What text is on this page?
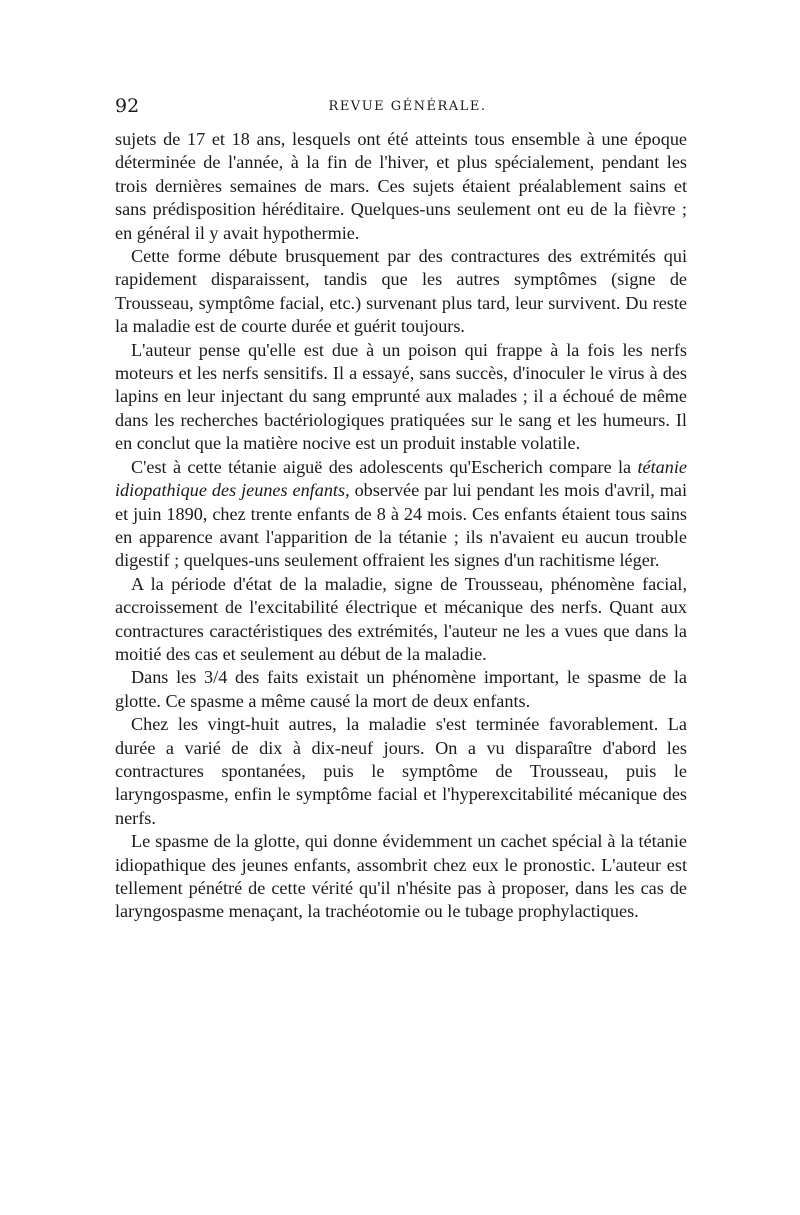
92	REVUE GÉNÉRALE.

sujets de 17 et 18 ans, lesquels ont été atteints tous ensemble à une époque déterminée de l'année, à la fin de l'hiver, et plus spécialement, pendant les trois dernières semaines de mars. Ces sujets étaient préalablement sains et sans prédisposition héréditaire. Quelques-uns seulement ont eu de la fièvre ; en général il y avait hypothermie.

Cette forme débute brusquement par des contractures des extrémités qui rapidement disparaissent, tandis que les autres symptômes (signe de Trousseau, symptôme facial, etc.) survenant plus tard, leur survivent. Du reste la maladie est de courte durée et guérit toujours.

L'auteur pense qu'elle est due à un poison qui frappe à la fois les nerfs moteurs et les nerfs sensitifs. Il a essayé, sans succès, d'inoculer le virus à des lapins en leur injectant du sang emprunté aux malades ; il a échoué de même dans les recherches bactériologiques pratiquées sur le sang et les humeurs. Il en conclut que la matière nocive est un produit instable volatile.

C'est à cette tétanie aiguë des adolescents qu'Escherich compare la tétanie idiopathique des jeunes enfants, observée par lui pendant les mois d'avril, mai et juin 1890, chez trente enfants de 8 à 24 mois. Ces enfants étaient tous sains en apparence avant l'apparition de la tétanie ; ils n'avaient eu aucun trouble digestif ; quelques-uns seulement offraient les signes d'un rachitisme léger.

A la période d'état de la maladie, signe de Trousseau, phénomène facial, accroissement de l'excitabilité électrique et mécanique des nerfs. Quant aux contractures caractéristiques des extrémités, l'auteur ne les a vues que dans la moitié des cas et seulement au début de la maladie.

Dans les 3/4 des faits existait un phénomène important, le spasme de la glotte. Ce spasme a même causé la mort de deux enfants.

Chez les vingt-huit autres, la maladie s'est terminée favorablement. La durée a varié de dix à dix-neuf jours. On a vu disparaître d'abord les contractures spontanées, puis le symptôme de Trousseau, puis le laryngospasme, enfin le symptôme facial et l'hyperexcitabilité mécanique des nerfs.

Le spasme de la glotte, qui donne évidemment un cachet spécial à la tétanie idiopathique des jeunes enfants, assombrit chez eux le pronostic. L'auteur est tellement pénétré de cette vérité qu'il n'hésite pas à proposer, dans les cas de laryngospasme menaçant, la trachéotomie ou le tubage prophylactiques.
